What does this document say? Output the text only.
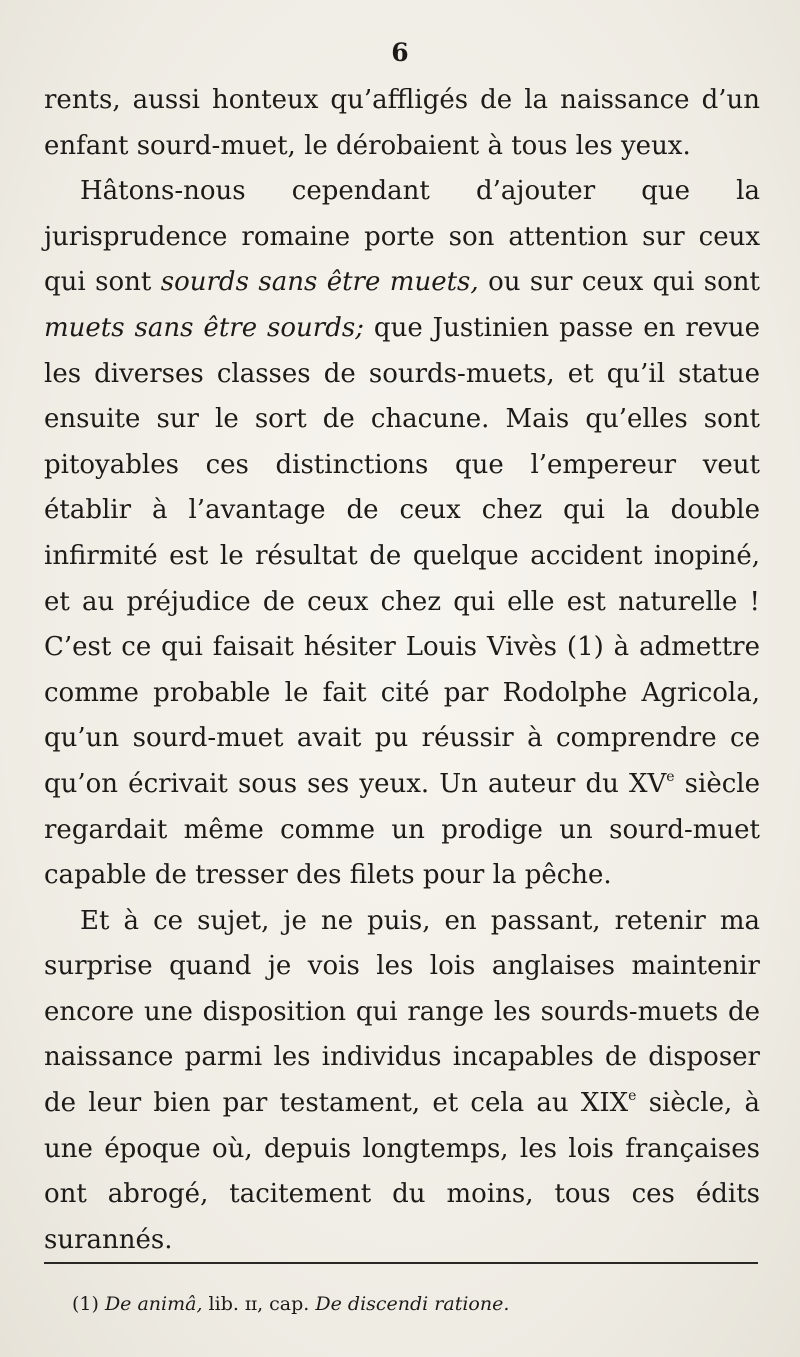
6

rents, aussi honteux qu’affligés de la naissance d’un enfant sourd-muet, le dérobaient à tous les yeux.

Hâtons-nous cependant d’ajouter que la jurisprudence romaine porte son attention sur ceux qui sont sourds sans être muets, ou sur ceux qui sont muets sans être sourds; que Justinien passe en revue les diverses classes de sourds-muets, et qu’il statue ensuite sur le sort de chacune. Mais qu’elles sont pitoyables ces distinctions que l’empereur veut établir à l’avantage de ceux chez qui la double infirmité est le résultat de quelque accident inopiné, et au préjudice de ceux chez qui elle est naturelle ! C’est ce qui faisait hésiter Louis Vivès (1) à admettre comme probable le fait cité par Rodolphe Agricola, qu’un sourd-muet avait pu réussir à comprendre ce qu’on écrivait sous ses yeux. Un auteur du XVe siècle regardait même comme un prodige un sourd-muet capable de tresser des filets pour la pêche.

Et à ce sujet, je ne puis, en passant, retenir ma surprise quand je vois les lois anglaises maintenir encore une disposition qui range les sourds-muets de naissance parmi les individus incapables de disposer de leur bien par testament, et cela au XIXe siècle, à une époque où, depuis longtemps, les lois françaises ont abrogé, tacitement du moins, tous ces édits surannés.

(1) De animâ, lib. ɪɪ, cap. De discendi ratione.
